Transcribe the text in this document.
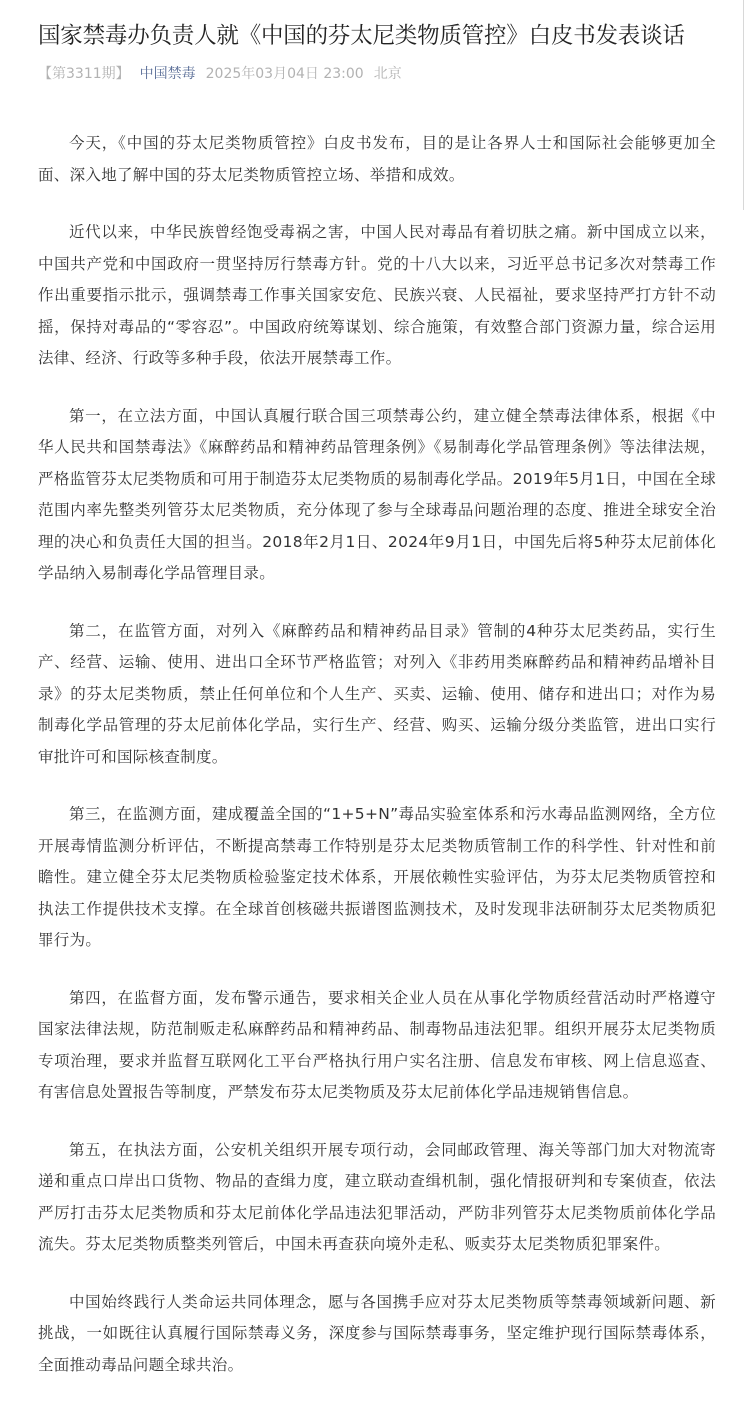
国家禁毒办负责人就《中国的芬太尼类物质管控》白皮书发表谈话
【第3311期】 中国禁毒 2025年03月04日 23:00 北京

今天，《中国的芬太尼类物质管控》白皮书发布，目的是让各界人士和国际社会能够更加全面、深入地了解中国的芬太尼类物质管控立场、举措和成效。

近代以来，中华民族曾经饱受毒祸之害，中国人民对毒品有着切肤之痛。新中国成立以来，中国共产党和中国政府一贯坚持厉行禁毒方针。党的十八大以来，习近平总书记多次对禁毒工作作出重要指示批示，强调禁毒工作事关国家安危、民族兴衰、人民福祉，要求坚持严打方针不动摇，保持对毒品的“零容忍”。中国政府统筹谋划、综合施策，有效整合部门资源力量，综合运用法律、经济、行政等多种手段，依法开展禁毒工作。

第一，在立法方面，中国认真履行联合国三项禁毒公约，建立健全禁毒法律体系，根据《中华人民共和国禁毒法》《麻醉药品和精神药品管理条例》《易制毒化学品管理条例》等法律法规，严格监管芬太尼类物质和可用于制造芬太尼类物质的易制毒化学品。2019年5月1日，中国在全球范围内率先整类列管芬太尼类物质，充分体现了参与全球毒品问题治理的态度、推进全球安全治理的决心和负责任大国的担当。2018年2月1日、2024年9月1日，中国先后将5种芬太尼前体化学品纳入易制毒化学品管理目录。

第二，在监管方面，对列入《麻醉药品和精神药品目录》管制的4种芬太尼类药品，实行生产、经营、运输、使用、进出口全环节严格监管；对列入《非药用类麻醉药品和精神药品增补目录》的芬太尼类物质，禁止任何单位和个人生产、买卖、运输、使用、储存和进出口；对作为易制毒化学品管理的芬太尼前体化学品，实行生产、经营、购买、运输分级分类监管，进出口实行审批许可和国际核查制度。

第三，在监测方面，建成覆盖全国的“1+5+N”毒品实验室体系和污水毒品监测网络，全方位开展毒情监测分析评估，不断提高禁毒工作特别是芬太尼类物质管制工作的科学性、针对性和前瞻性。建立健全芬太尼类物质检验鉴定技术体系，开展依赖性实验评估，为芬太尼类物质管控和执法工作提供技术支撑。在全球首创核磁共振谱图监测技术，及时发现非法研制芬太尼类物质犯罪行为。

第四，在监督方面，发布警示通告，要求相关企业人员在从事化学物质经营活动时严格遵守国家法律法规，防范制贩走私麻醉药品和精神药品、制毒物品违法犯罪。组织开展芬太尼类物质专项治理，要求并监督互联网化工平台严格执行用户实名注册、信息发布审核、网上信息巡查、有害信息处置报告等制度，严禁发布芬太尼类物质及芬太尼前体化学品违规销售信息。

第五，在执法方面，公安机关组织开展专项行动，会同邮政管理、海关等部门加大对物流寄递和重点口岸出口货物、物品的查缉力度，建立联动查缉机制，强化情报研判和专案侦查，依法严厉打击芬太尼类物质和芬太尼前体化学品违法犯罪活动，严防非列管芬太尼类物质前体化学品流失。芬太尼类物质整类列管后，中国未再查获向境外走私、贩卖芬太尼类物质犯罪案件。

中国始终践行人类命运共同体理念，愿与各国携手应对芬太尼类物质等禁毒领域新问题、新挑战，一如既往认真履行国际禁毒义务，深度参与国际禁毒事务，坚定维护现行国际禁毒体系，全面推动毒品问题全球共治。
